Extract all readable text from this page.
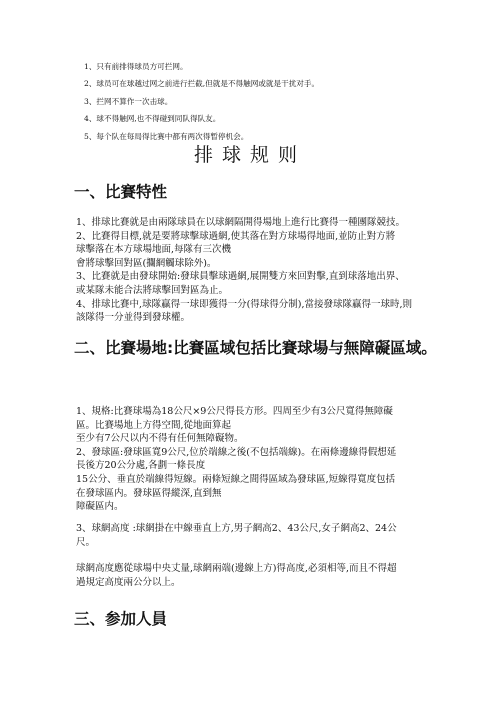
1、只有前排得球员方可拦网。
2、球员可在球越过网之前进行拦截,但就是不得触网或就是干扰对手。
3、拦网不算作一次击球。
4、球不得触网,也不得碰到同队得队友。
5、每个队在每局得比赛中都有两次得暂停机会。
排球规则
一、比賽特性
1、排球比賽就是由兩隊球員在以球網隔開得場地上進行比賽得一種團隊競技。
2、比賽得目標,就是要將球擊球過網,使其落在對方球場得地面,並防止對方將
球擊落在本方球場地面,每隊有三次機
會將球擊回對區(攔網觸球除外)。
3、比賽就是由發球開始:發球員擊球過網,展開雙方來回對擊,直到球落地出界、
或某隊未能合法將球擊回對區為止。
4、排球比賽中,球隊贏得一球即獲得一分(得球得分制),當接發球隊贏得一球時,則
該隊得一分並得到發球權。
二、比賽場地:比賽區域包括比賽球場与無障礙區域。
1、規格:比賽球場為18公尺×9公尺得長方形。四周至少有3公尺寬得無障礙
區。比賽場地上方得空間,從地面算起
至少有7公尺以内不得有任何無障礙物。
2、發球區:發球區寬9公尺,位於端線之後(不包括端線)。在兩條邊線得假想延
長後方20公分處,各劃一條長度
15公分、垂直於端線得短線。兩條短線之間得區域為發球區,短線得寬度包括
在發球區内。發球區得縱深,直到無
障礙區内。
3、球網高度 :球網掛在中線垂直上方,男子網高2、43公尺,女子網高2、24公
尺。
球網高度應從球場中央丈量,球網兩端(邊線上方)得高度,必須相等,而且不得超
過規定高度兩公分以上。
三、参加人員
